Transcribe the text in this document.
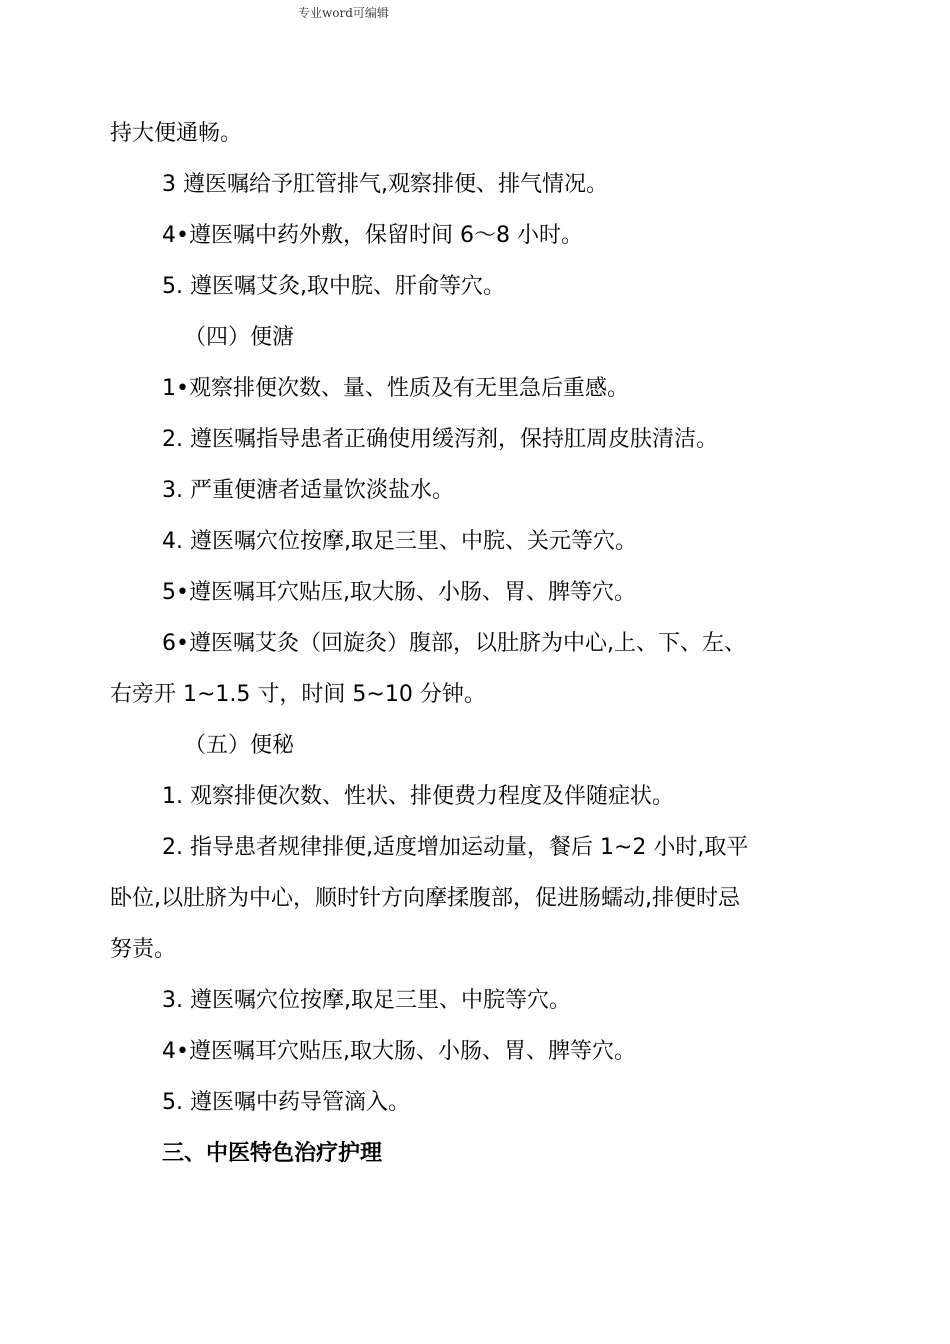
专业word可编辑
持大便通畅。
3 遵医嘱给予肛管排气,观察排便、排气情况。
4•遵医嘱中药外敷，保留时间 6〜8 小时。
5. 遵医嘱艾灸,取中脘、肝俞等穴。
（四）便溏
1•观察排便次数、量、性质及有无里急后重感。
2. 遵医嘱指导患者正确使用缓泻剂，保持肛周皮肤清洁。
3. 严重便溏者适量饮淡盐水。
4. 遵医嘱穴位按摩,取足三里、中脘、关元等穴。
5•遵医嘱耳穴贴压,取大肠、小肠、胃、脾等穴。
6•遵医嘱艾灸（回旋灸）腹部，以肚脐为中心,上、下、左、
右旁开 1~1.5 寸，时间 5~10 分钟。
（五）便秘
1. 观察排便次数、性状、排便费力程度及伴随症状。
2. 指导患者规律排便,适度增加运动量，餐后 1~2 小时,取平
卧位,以肚脐为中心，顺时针方向摩揉腹部，促进肠蠕动,排便时忌
努责。
3. 遵医嘱穴位按摩,取足三里、中脘等穴。
4•遵医嘱耳穴贴压,取大肠、小肠、胃、脾等穴。
5. 遵医嘱中药导管滴入。
三、中医特色治疗护理
